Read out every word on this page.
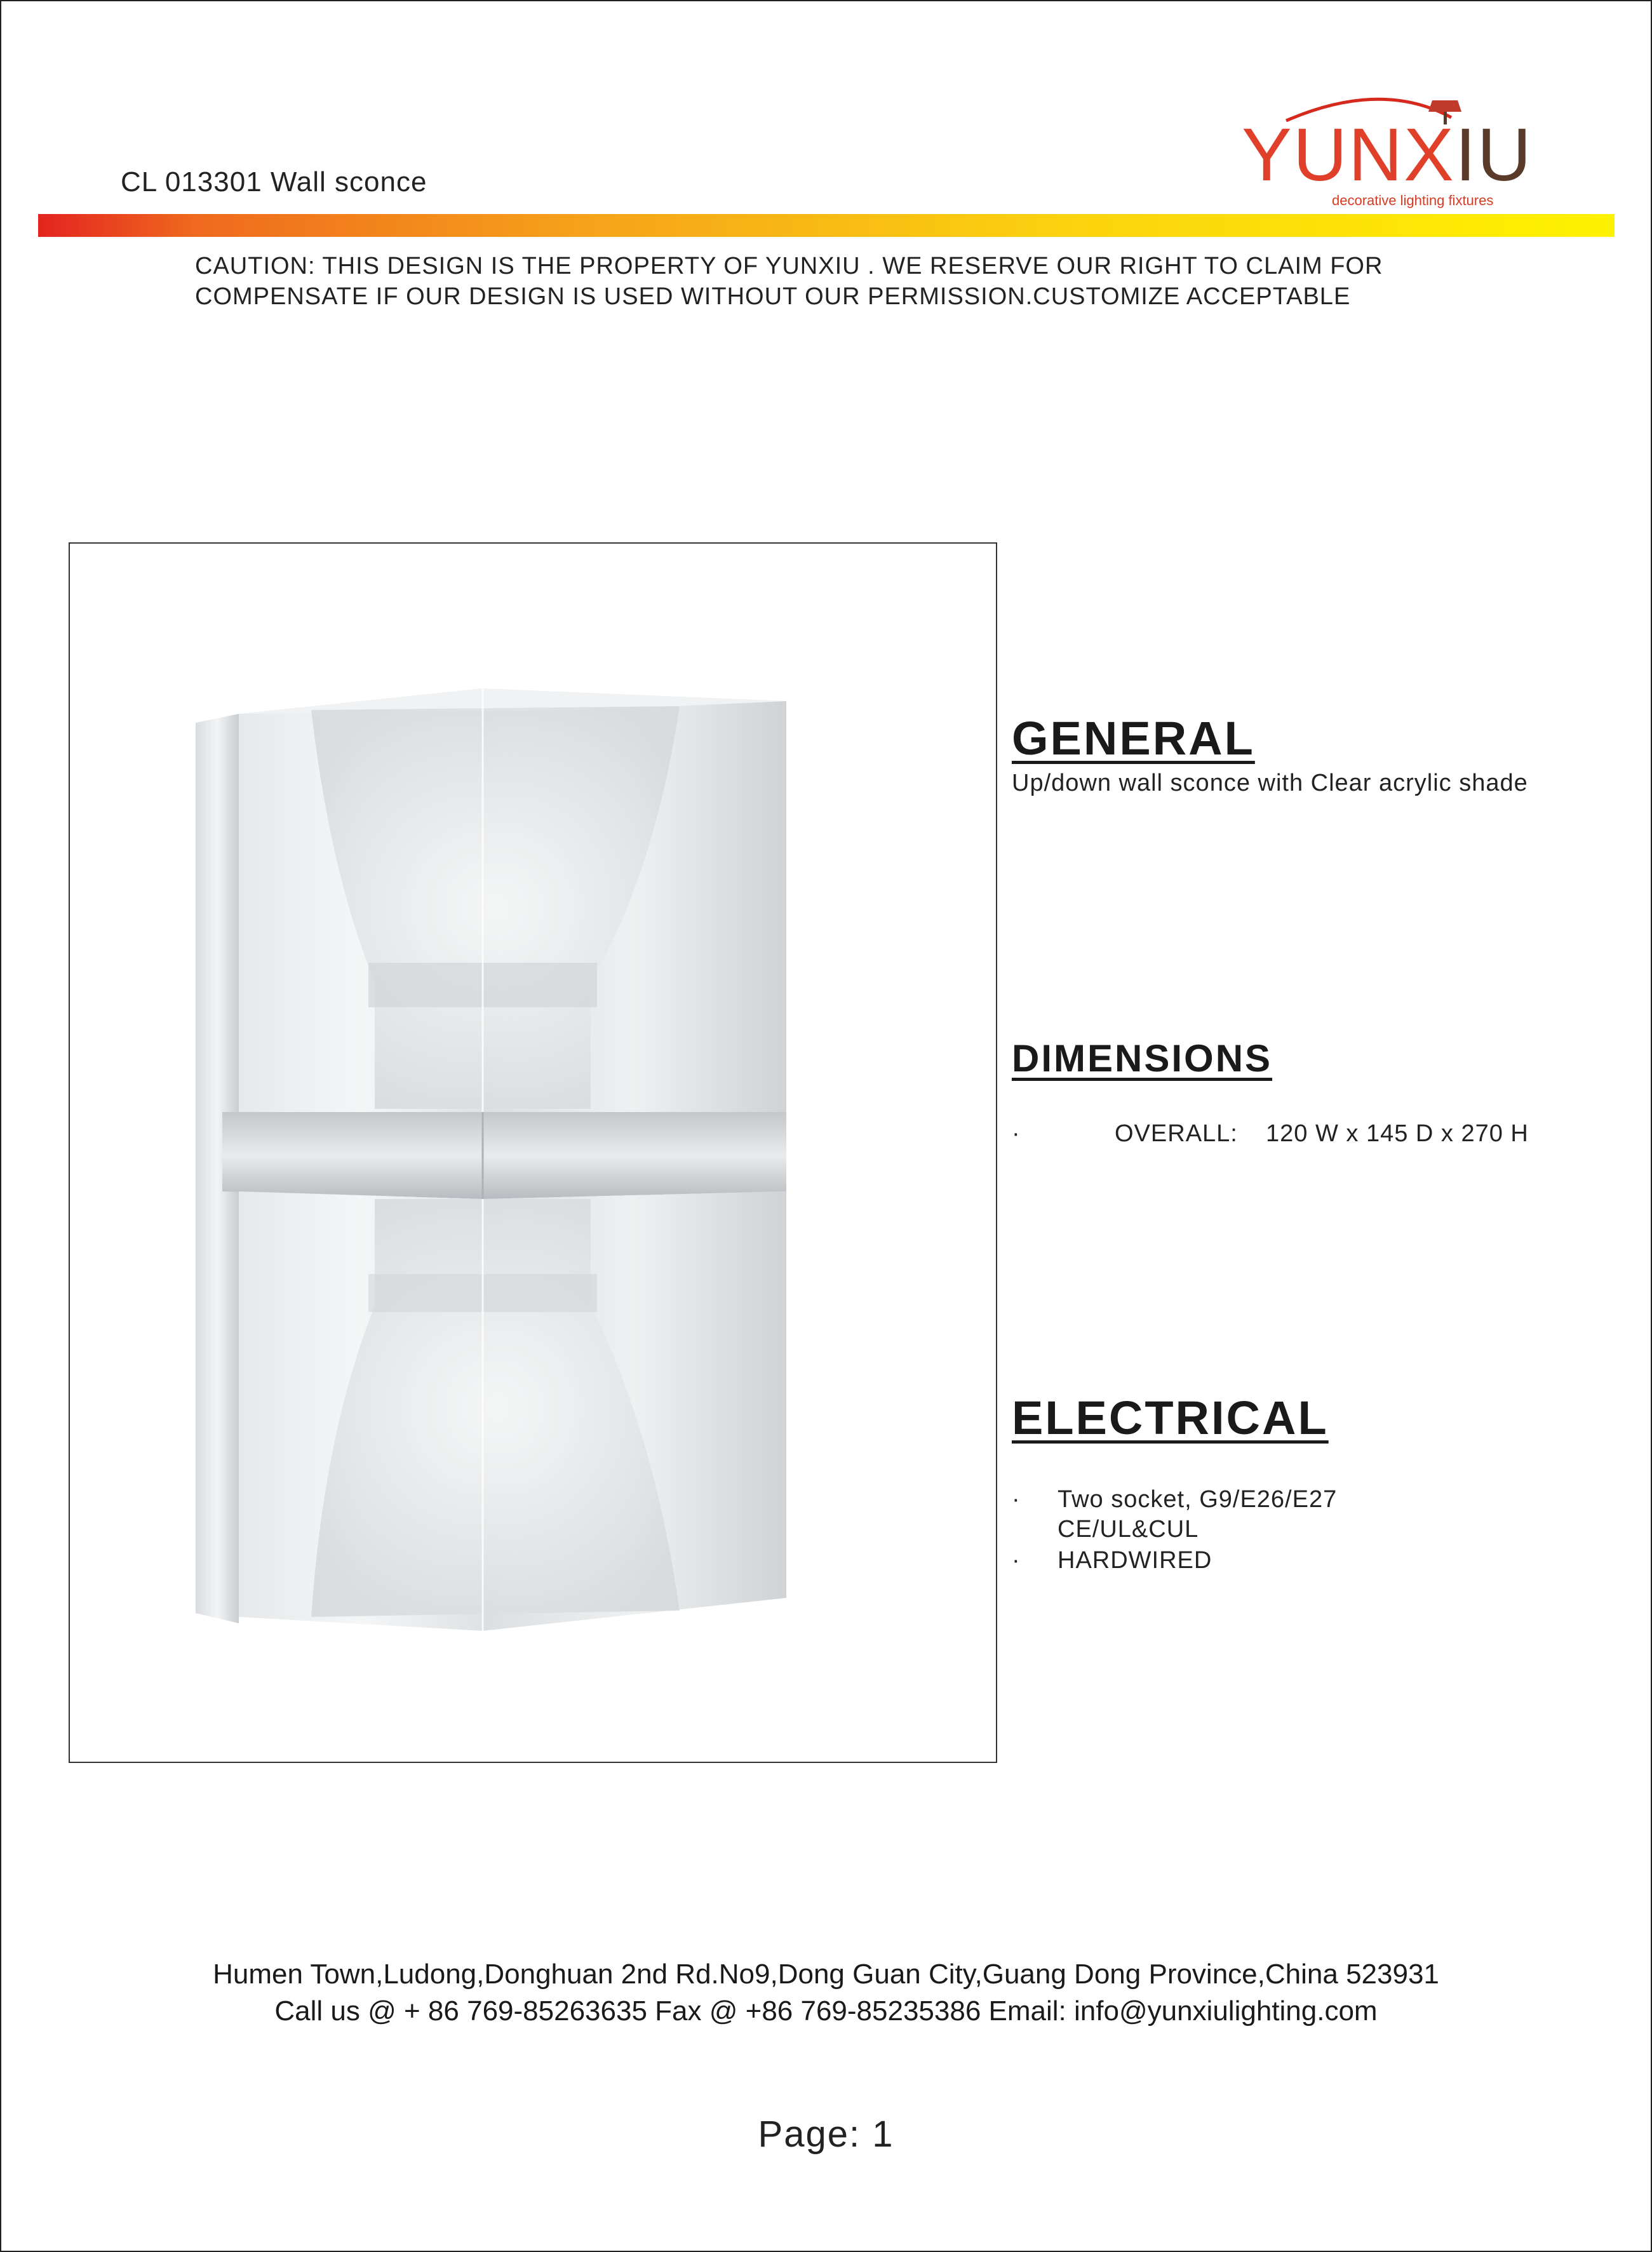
CL 013301 Wall sconce	YUNXIU
decorative lighting fixtures
CAUTION: THIS DESIGN IS THE PROPERTY OF YUNXIU . WE RESERVE OUR RIGHT TO CLAIM FOR
COMPENSATE IF OUR DESIGN IS USED WITHOUT OUR PERMISSION.CUSTOMIZE ACCEPTABLE
GENERAL
Up/down wall sconce with Clear acrylic shade
DIMENSIONS
·	OVERALL: 120 W x 145 D x 270 H
ELECTRICAL
· Two socket, G9/E26/E27
CE/UL&CUL
· HARDWIRED
Humen Town,Ludong,Donghuan 2nd Rd.No9,Dong Guan City,Guang Dong Province,China 523931
Call us @ + 86 769-85263635 Fax @ +86 769-85235386 Email: info@yunxiulighting.com
Page: 1
